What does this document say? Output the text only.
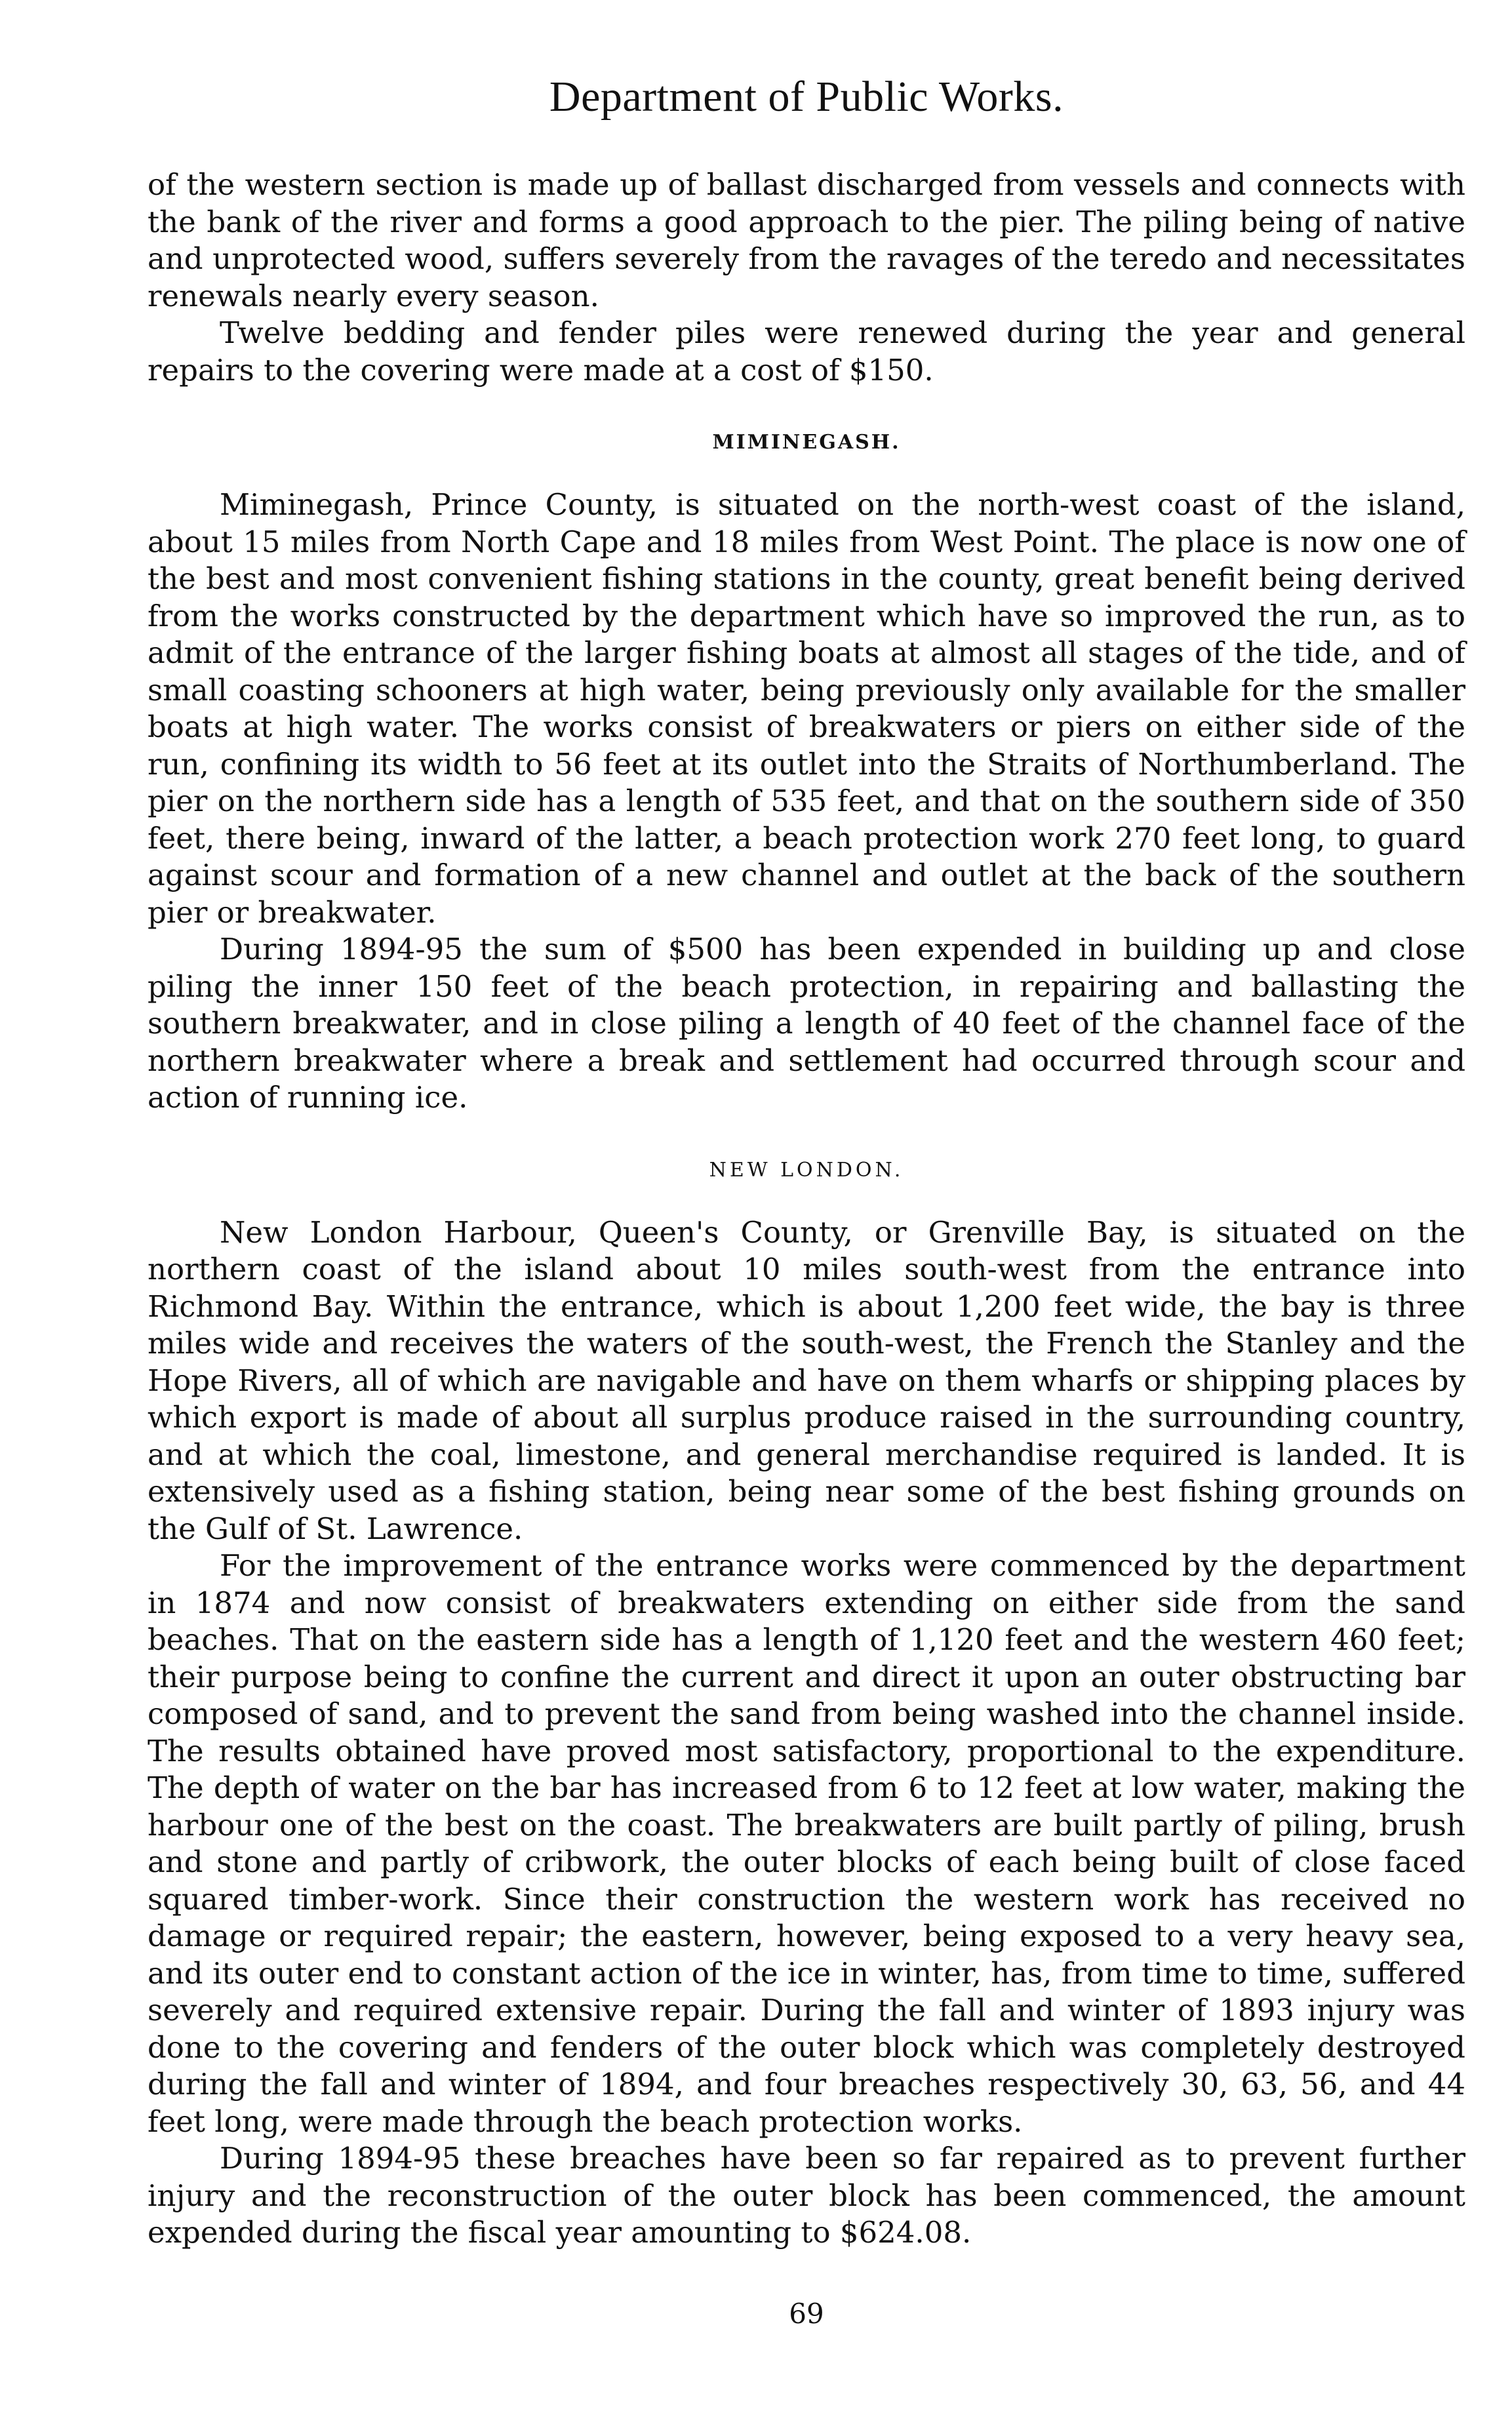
Department of Public Works.

of the western section is made up of ballast discharged from vessels and connects with the bank of the river and forms a good approach to the pier. The piling being of native and unprotected wood, suffers severely from the ravages of the teredo and necessitates renewals nearly every season.

Twelve bedding and fender piles were renewed during the year and general repairs to the covering were made at a cost of $150.

MIMINEGASH.

Miminegash, Prince County, is situated on the north-west coast of the island, about 15 miles from North Cape and 18 miles from West Point. The place is now one of the best and most convenient fishing stations in the county, great benefit being derived from the works constructed by the department which have so improved the run, as to admit of the entrance of the larger fishing boats at almost all stages of the tide, and of small coasting schooners at high water, being previously only available for the smaller boats at high water. The works consist of breakwaters or piers on either side of the run, confining its width to 56 feet at its outlet into the Straits of Northumberland. The pier on the northern side has a length of 535 feet, and that on the southern side of 350 feet, there being, inward of the latter, a beach protection work 270 feet long, to guard against scour and formation of a new channel and outlet at the back of the southern pier or breakwater.

During 1894-95 the sum of $500 has been expended in building up and close piling the inner 150 feet of the beach protection, in repairing and ballasting the southern breakwater, and in close piling a length of 40 feet of the channel face of the northern breakwater where a break and settlement had occurred through scour and action of running ice.

NEW LONDON.

New London Harbour, Queen's County, or Grenville Bay, is situated on the northern coast of the island about 10 miles south-west from the entrance into Richmond Bay. Within the entrance, which is about 1,200 feet wide, the bay is three miles wide and receives the waters of the south-west, the French the Stanley and the Hope Rivers, all of which are navigable and have on them wharfs or shipping places by which export is made of about all surplus produce raised in the surrounding country, and at which the coal, limestone, and general merchandise required is landed. It is extensively used as a fishing station, being near some of the best fishing grounds on the Gulf of St. Lawrence.

For the improvement of the entrance works were commenced by the department in 1874 and now consist of breakwaters extending on either side from the sand beaches. That on the eastern side has a length of 1,120 feet and the western 460 feet; their purpose being to confine the current and direct it upon an outer obstructing bar composed of sand, and to prevent the sand from being washed into the channel inside. The results obtained have proved most satisfactory, proportional to the expenditure. The depth of water on the bar has increased from 6 to 12 feet at low water, making the harbour one of the best on the coast. The breakwaters are built partly of piling, brush and stone and partly of cribwork, the outer blocks of each being built of close faced squared timber-work. Since their construction the western work has received no damage or required repair; the eastern, however, being exposed to a very heavy sea, and its outer end to constant action of the ice in winter, has, from time to time, suffered severely and required extensive repair. During the fall and winter of 1893 injury was done to the covering and fenders of the outer block which was completely destroyed during the fall and winter of 1894, and four breaches respectively 30, 63, 56, and 44 feet long, were made through the beach protection works.

During 1894-95 these breaches have been so far repaired as to prevent further injury and the reconstruction of the outer block has been commenced, the amount expended during the fiscal year amounting to $624.08.

69
